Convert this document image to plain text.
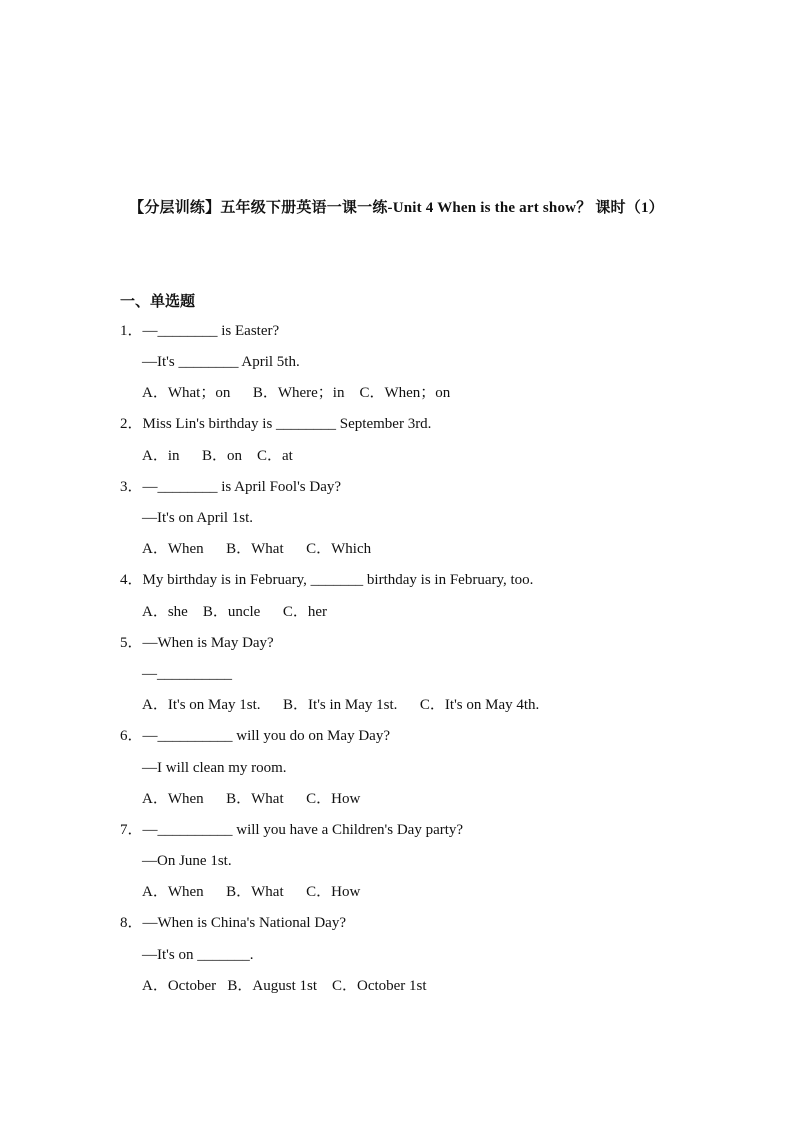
【分层训练】五年级下册英语一课一练-Unit 4 When is the art show？ 课时（1）
一、单选题
1．—________ is Easter?
—It's ________ April 5th.
A．What；on      B．Where；in    C．When；on
2．Miss Lin's birthday is ________ September 3rd.
A．in      B．on    C．at
3．—________ is April Fool's Day?
—It's on April 1st.
A．When      B．What      C．Which
4．My birthday is in February, _______ birthday is in February, too.
A．she    B．uncle      C．her
5．—When is May Day?
—__________
A．It's on May 1st.      B．It's in May 1st.      C．It's on May 4th.
6．—__________ will you do on May Day?
—I will clean my room.
A．When      B．What      C．How
7．—__________ will you have a Children's Day party?
—On June 1st.
A．When      B．What      C．How
8．—When is China's National Day?
—It's on _______.
A．October   B．August 1st    C．October 1st
